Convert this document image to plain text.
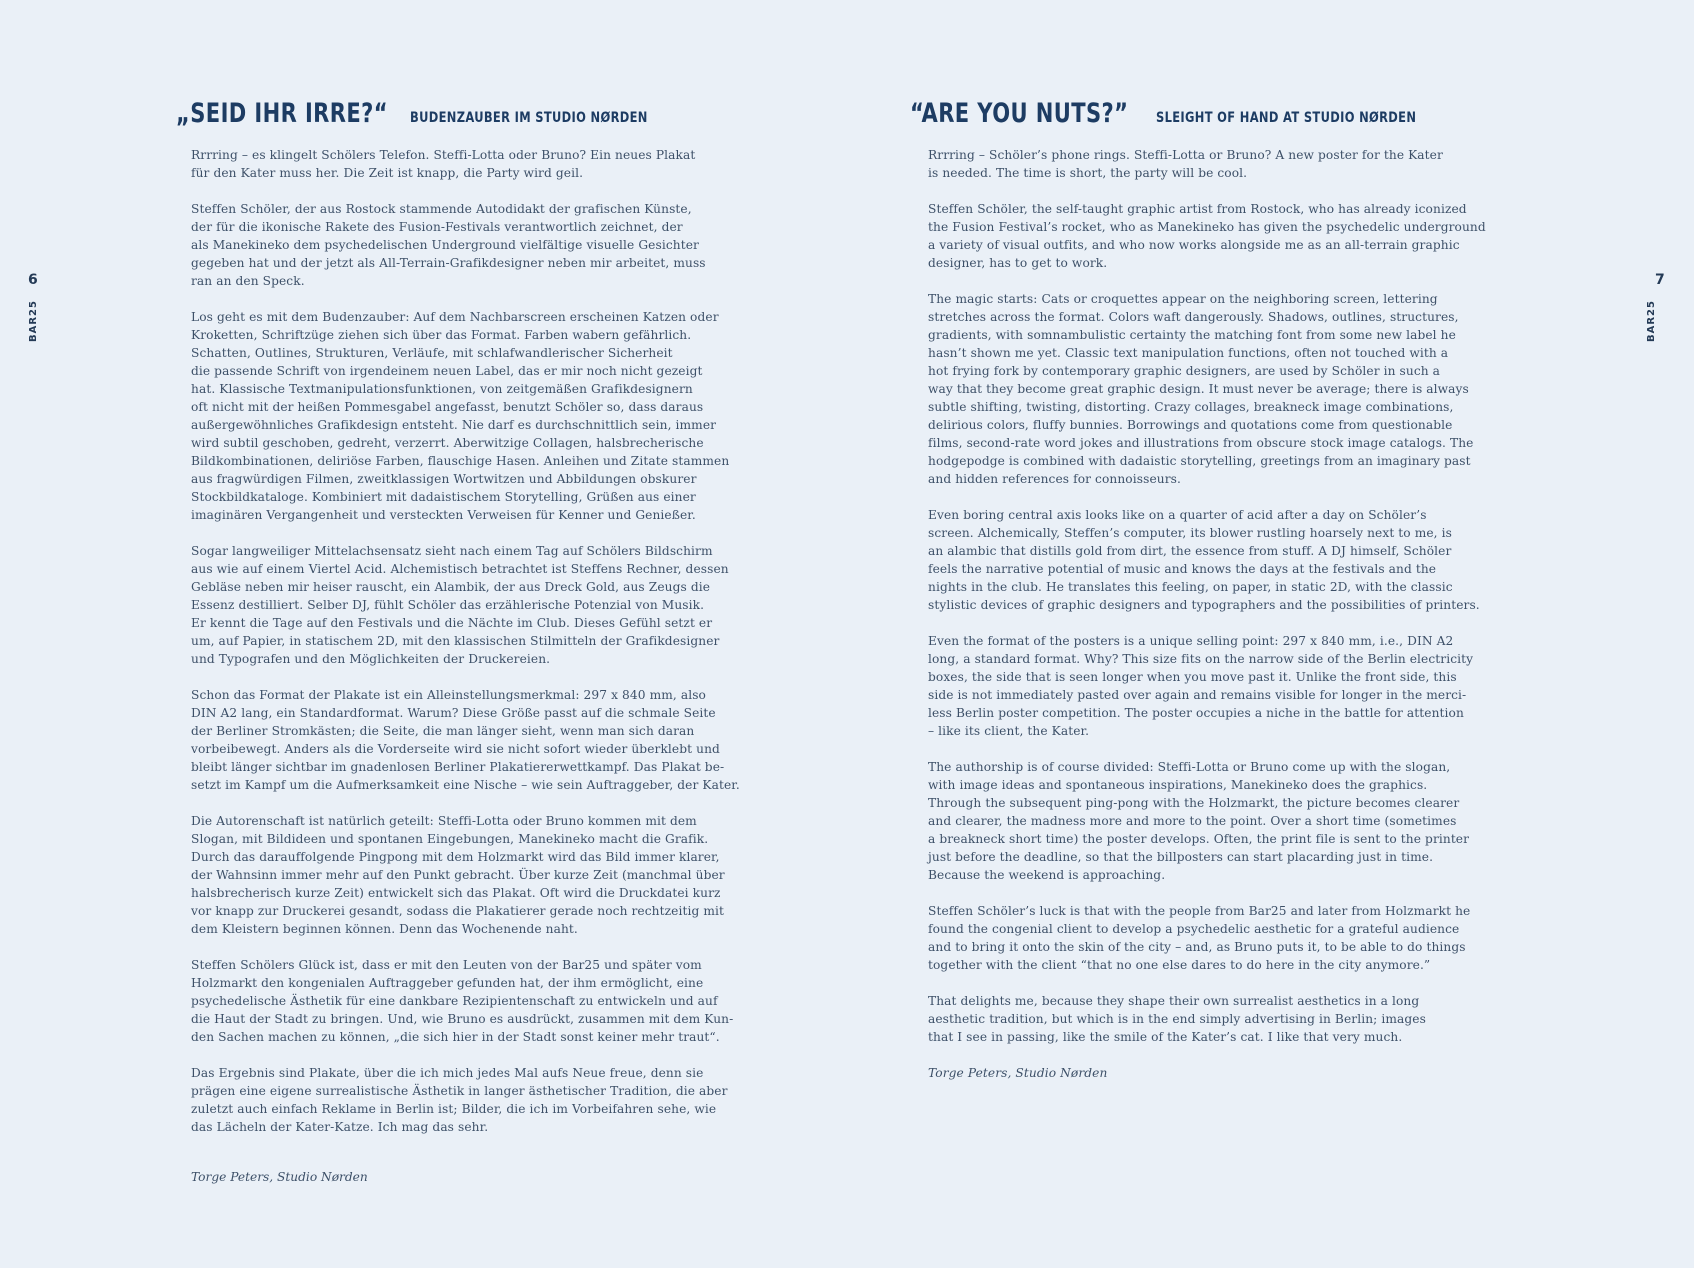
6
BAR25
„SEID IHR IRRE?“ BUDENZAUBER IM STUDIO NØRDEN

Rrrring – es klingelt Schölers Telefon. Steffi-Lotta oder Bruno? Ein neues Plakat
für den Kater muss her. Die Zeit ist knapp, die Party wird geil.

Steffen Schöler, der aus Rostock stammende Autodidakt der grafischen Künste,
der für die ikonische Rakete des Fusion-Festivals verantwortlich zeichnet, der
als Manekineko dem psychedelischen Underground vielfältige visuelle Gesichter
gegeben hat und der jetzt als All-Terrain-Grafikdesigner neben mir arbeitet, muss
ran an den Speck.

Los geht es mit dem Budenzauber: Auf dem Nachbarscreen erscheinen Katzen oder
Kroketten, Schriftzüge ziehen sich über das Format. Farben wabern gefährlich.
Schatten, Outlines, Strukturen, Verläufe, mit schlafwandlerischer Sicherheit
die passende Schrift von irgendeinem neuen Label, das er mir noch nicht gezeigt
hat. Klassische Textmanipulationsfunktionen, von zeitgemäßen Grafikdesignern
oft nicht mit der heißen Pommesgabel angefasst, benutzt Schöler so, dass daraus
außergewöhnliches Grafikdesign entsteht. Nie darf es durchschnittlich sein, immer
wird subtil geschoben, gedreht, verzerrt. Aberwitzige Collagen, halsbrecherische
Bildkombinationen, deliriöse Farben, flauschige Hasen. Anleihen und Zitate stammen
aus fragwürdigen Filmen, zweitklassigen Wortwitzen und Abbildungen obskurer
Stockbildkataloge. Kombiniert mit dadaistischem Storytelling, Grüßen aus einer
imaginären Vergangenheit und versteckten Verweisen für Kenner und Genießer.

Sogar langweiliger Mittelachsensatz sieht nach einem Tag auf Schölers Bildschirm
aus wie auf einem Viertel Acid. Alchemistisch betrachtet ist Steffens Rechner, dessen
Gebläse neben mir heiser rauscht, ein Alambik, der aus Dreck Gold, aus Zeugs die
Essenz destilliert. Selber DJ, fühlt Schöler das erzählerische Potenzial von Musik.
Er kennt die Tage auf den Festivals und die Nächte im Club. Dieses Gefühl setzt er
um, auf Papier, in statischem 2D, mit den klassischen Stilmitteln der Grafikdesigner
und Typografen und den Möglichkeiten der Druckereien.

Schon das Format der Plakate ist ein Alleinstellungsmerkmal: 297 x 840 mm, also
DIN A2 lang, ein Standardformat. Warum? Diese Größe passt auf die schmale Seite
der Berliner Stromkästen; die Seite, die man länger sieht, wenn man sich daran
vorbeibewegt. Anders als die Vorderseite wird sie nicht sofort wieder überklebt und
bleibt länger sichtbar im gnadenlosen Berliner Plakatiererwettkampf. Das Plakat be-
setzt im Kampf um die Aufmerksamkeit eine Nische – wie sein Auftraggeber, der Kater.

Die Autorenschaft ist natürlich geteilt: Steffi-Lotta oder Bruno kommen mit dem
Slogan, mit Bildideen und spontanen Eingebungen, Manekineko macht die Grafik.
Durch das darauffolgende Pingpong mit dem Holzmarkt wird das Bild immer klarer,
der Wahnsinn immer mehr auf den Punkt gebracht. Über kurze Zeit (manchmal über
halsbrecherisch kurze Zeit) entwickelt sich das Plakat. Oft wird die Druckdatei kurz
vor knapp zur Druckerei gesandt, sodass die Plakatierer gerade noch rechtzeitig mit
dem Kleistern beginnen können. Denn das Wochenende naht.

Steffen Schölers Glück ist, dass er mit den Leuten von der Bar25 und später vom
Holzmarkt den kongenialen Auftraggeber gefunden hat, der ihm ermöglicht, eine
psychedelische Ästhetik für eine dankbare Rezipientenschaft zu entwickeln und auf
die Haut der Stadt zu bringen. Und, wie Bruno es ausdrückt, zusammen mit dem Kun-
den Sachen machen zu können, „die sich hier in der Stadt sonst keiner mehr traut“.

Das Ergebnis sind Plakate, über die ich mich jedes Mal aufs Neue freue, denn sie
prägen eine eigene surrealistische Ästhetik in langer ästhetischer Tradition, die aber
zuletzt auch einfach Reklame in Berlin ist; Bilder, die ich im Vorbeifahren sehe, wie
das Lächeln der Kater-Katze. Ich mag das sehr.

Torge Peters, Studio Nørden
“ARE YOU NUTS?” SLEIGHT OF HAND AT STUDIO NØRDEN

Rrrring – Schöler’s phone rings. Steffi-Lotta or Bruno? A new poster for the Kater
is needed. The time is short, the party will be cool.

Steffen Schöler, the self-taught graphic artist from Rostock, who has already iconized
the Fusion Festival’s rocket, who as Manekineko has given the psychedelic underground
a variety of visual outfits, and who now works alongside me as an all-terrain graphic
designer, has to get to work.

The magic starts: Cats or croquettes appear on the neighboring screen, lettering
stretches across the format. Colors waft dangerously. Shadows, outlines, structures,
gradients, with somnambulistic certainty the matching font from some new label he
hasn’t shown me yet. Classic text manipulation functions, often not touched with a
hot frying fork by contemporary graphic designers, are used by Schöler in such a
way that they become great graphic design. It must never be average; there is always
subtle shifting, twisting, distorting. Crazy collages, breakneck image combinations,
delirious colors, fluffy bunnies. Borrowings and quotations come from questionable
films, second-rate word jokes and illustrations from obscure stock image catalogs. The
hodgepodge is combined with dadaistic storytelling, greetings from an imaginary past
and hidden references for connoisseurs.

Even boring central axis looks like on a quarter of acid after a day on Schöler’s
screen. Alchemically, Steffen’s computer, its blower rustling hoarsely next to me, is
an alambic that distills gold from dirt, the essence from stuff. A DJ himself, Schöler
feels the narrative potential of music and knows the days at the festivals and the
nights in the club. He translates this feeling, on paper, in static 2D, with the classic
stylistic devices of graphic designers and typographers and the possibilities of printers.

Even the format of the posters is a unique selling point: 297 x 840 mm, i.e., DIN A2
long, a standard format. Why? This size fits on the narrow side of the Berlin electricity
boxes, the side that is seen longer when you move past it. Unlike the front side, this
side is not immediately pasted over again and remains visible for longer in the merci-
less Berlin poster competition. The poster occupies a niche in the battle for attention
– like its client, the Kater.

The authorship is of course divided: Steffi-Lotta or Bruno come up with the slogan,
with image ideas and spontaneous inspirations, Manekineko does the graphics.
Through the subsequent ping-pong with the Holzmarkt, the picture becomes clearer
and clearer, the madness more and more to the point. Over a short time (sometimes
a breakneck short time) the poster develops. Often, the print file is sent to the printer
just before the deadline, so that the billposters can start placarding just in time.
Because the weekend is approaching.

Steffen Schöler’s luck is that with the people from Bar25 and later from Holzmarkt he
found the congenial client to develop a psychedelic aesthetic for a grateful audience
and to bring it onto the skin of the city – and, as Bruno puts it, to be able to do things
together with the client “that no one else dares to do here in the city anymore.”

That delights me, because they shape their own surrealist aesthetics in a long
aesthetic tradition, but which is in the end simply advertising in Berlin; images
that I see in passing, like the smile of the Kater’s cat. I like that very much.

Torge Peters, Studio Nørden

7
BAR25
